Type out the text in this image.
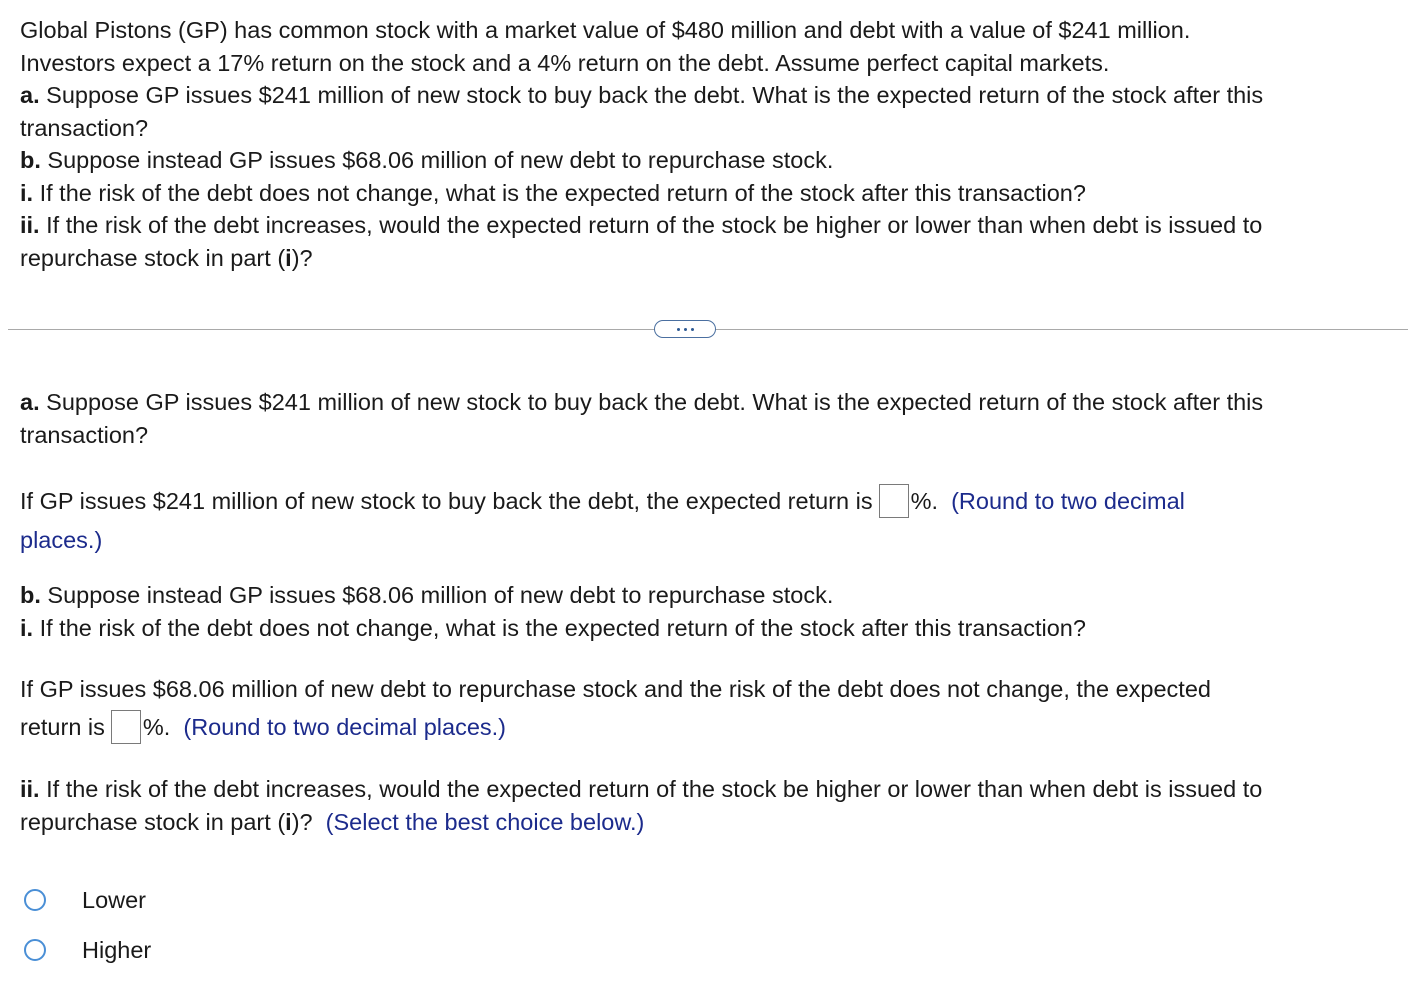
Global Pistons (GP) has common stock with a market value of $480 million and debt with a value of $241 million.
Investors expect a 17% return on the stock and a 4% return on the debt. Assume perfect capital markets.
a. Suppose GP issues $241 million of new stock to buy back the debt. What is the expected return of the stock after this
transaction?
b. Suppose instead GP issues $68.06 million of new debt to repurchase stock.
i. If the risk of the debt does not change, what is the expected return of the stock after this transaction?
ii. If the risk of the debt increases, would the expected return of the stock be higher or lower than when debt is issued to
repurchase stock in part (i)?
a. Suppose GP issues $241 million of new stock to buy back the debt. What is the expected return of the stock after this
transaction?
If GP issues $241 million of new stock to buy back the debt, the expected return is %. (Round to two decimal
places.)
b. Suppose instead GP issues $68.06 million of new debt to repurchase stock.
i. If the risk of the debt does not change, what is the expected return of the stock after this transaction?
If GP issues $68.06 million of new debt to repurchase stock and the risk of the debt does not change, the expected
return is %. (Round to two decimal places.)
ii. If the risk of the debt increases, would the expected return of the stock be higher or lower than when debt is issued to
repurchase stock in part (i)? (Select the best choice below.)
Lower
Higher
